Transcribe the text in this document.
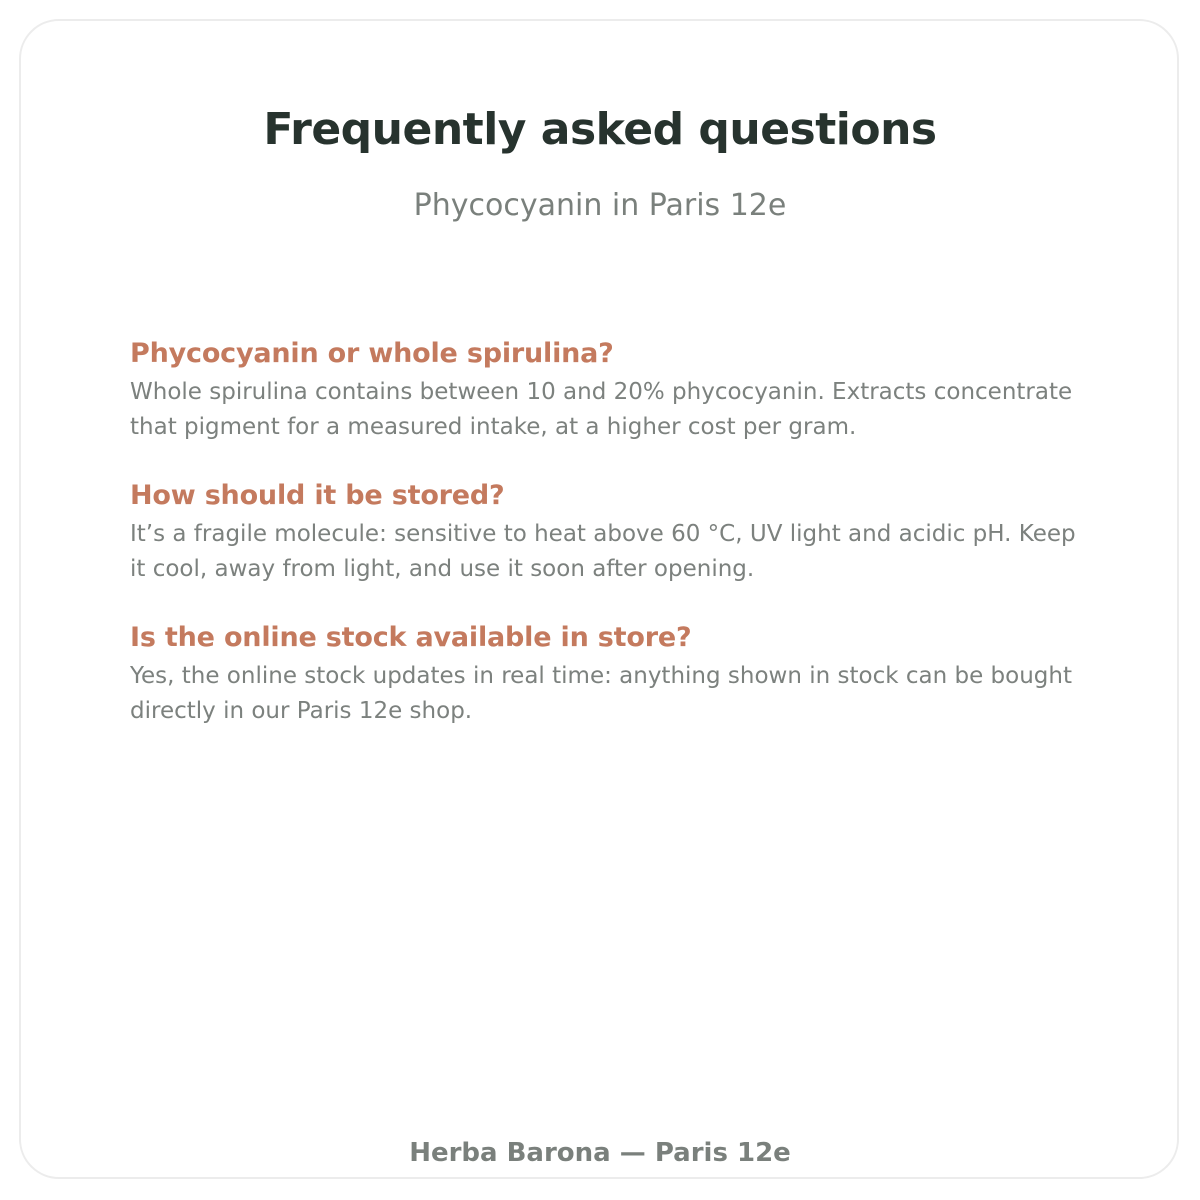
Frequently asked questions
Phycocyanin in Paris 12e
Phycocyanin or whole spirulina?
Whole spirulina contains between 10 and 20% phycocyanin. Extracts concentrate that pigment for a measured intake, at a higher cost per gram.
How should it be stored?
It’s a fragile molecule: sensitive to heat above 60 °C, UV light and acidic pH. Keep it cool, away from light, and use it soon after opening.
Is the online stock available in store?
Yes, the online stock updates in real time: anything shown in stock can be bought directly in our Paris 12e shop.
Herba Barona — Paris 12e
